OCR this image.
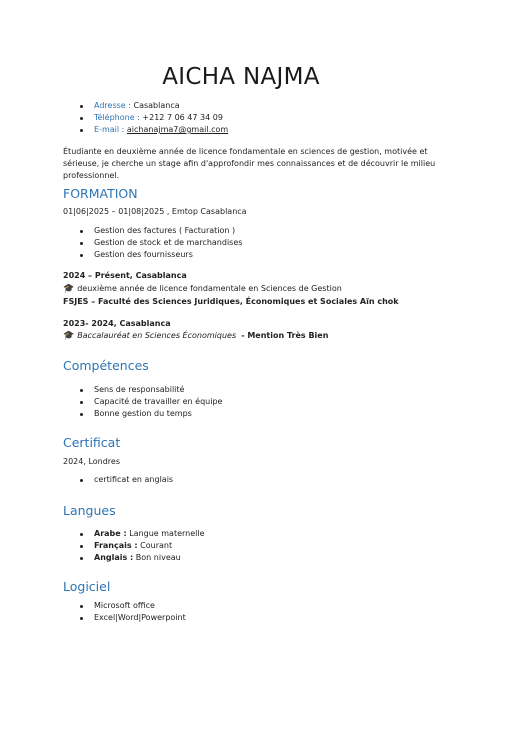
AICHA NAJMA
Adresse : Casablanca
Téléphone : +212 7 06 47 34 09
E-mail : aichanajma7@gmail.com

Étudiante en deuxième année de licence fondamentale en sciences de gestion, motivée et sérieuse, je cherche un stage afin d'approfondir mes connaissances et de découvrir le milieu professionnel.

FORMATION

01|06|2025 – 01|08|2025 , Emtop Casablanca

Gestion des factures ( Facturation )
Gestion de stock et de marchandises
Gestion des fournisseurs

2024 – Présent, Casablanca

🎓 deuxième année de licence fondamentale en Sciences de Gestion

FSJES – Faculté des Sciences Juridiques, Économiques et Sociales Aïn chok

2023- 2024, Casablanca

🎓 Baccalauréat en Sciences Économiques - Mention Très Bien

Compétences
Sens de responsabilité
Capacité de travailler en équipe
Bonne gestion du temps
Certificat

2024, Londres

certificat en anglais
Langues
Arabe : Langue maternelle
Français : Courant
Anglais : Bon niveau
Logiciel
Microsoft office
Excel|Word|Powerpoint
